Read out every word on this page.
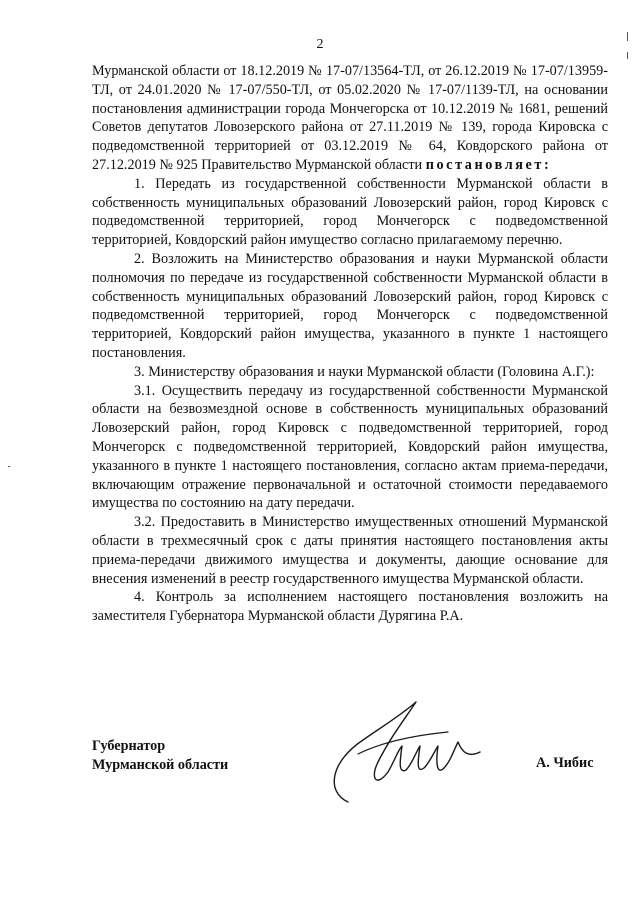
2

Мурманской области от 18.12.2019 № 17-07/13564-ТЛ, от 26.12.2019 № 17-07/13959-ТЛ, от 24.01.2020 № 17-07/550-ТЛ, от 05.02.2020 № 17-07/1139-ТЛ, на основании постановления администрации города Мончегорска от 10.12.2019 № 1681, решений Советов депутатов Ловозерского района от 27.11.2019 № 139, города Кировска с подведомственной территорией от 03.12.2019 № 64, Ковдорского района от 27.12.2019 № 925 Правительство Мурманской области постановляет:

1. Передать из государственной собственности Мурманской области в собственность муниципальных образований Ловозерский район, город Кировск с подведомственной территорией, город Мончегорск с подведомственной территорией, Ковдорский район имущество согласно прилагаемому перечню.

2. Возложить на Министерство образования и науки Мурманской области полномочия по передаче из государственной собственности Мурманской области в собственность муниципальных образований Ловозерский район, город Кировск с подведомственной территорией, город Мончегорск с подведомственной территорией, Ковдорский район имущества, указанного в пункте 1 настоящего постановления.

3. Министерству образования и науки Мурманской области (Головина А.Г.):

3.1. Осуществить передачу из государственной собственности Мурманской области на безвозмездной основе в собственность муниципальных образований Ловозерский район, город Кировск с подведомственной территорией, город Мончегорск с подведомственной территорией, Ковдорский район имущества, указанного в пункте 1 настоящего постановления, согласно актам приема-передачи, включающим отражение первоначальной и остаточной стоимости передаваемого имущества по состоянию на дату передачи.

3.2. Предоставить в Министерство имущественных отношений Мурманской области в трехмесячный срок с даты принятия настоящего постановления акты приема-передачи движимого имущества и документы, дающие основание для внесения изменений в реестр государственного имущества Мурманской области.

4. Контроль за исполнением настоящего постановления возложить на заместителя Губернатора Мурманской области Дурягина Р.А.

Губернатор
Мурманской области	А. Чибис
